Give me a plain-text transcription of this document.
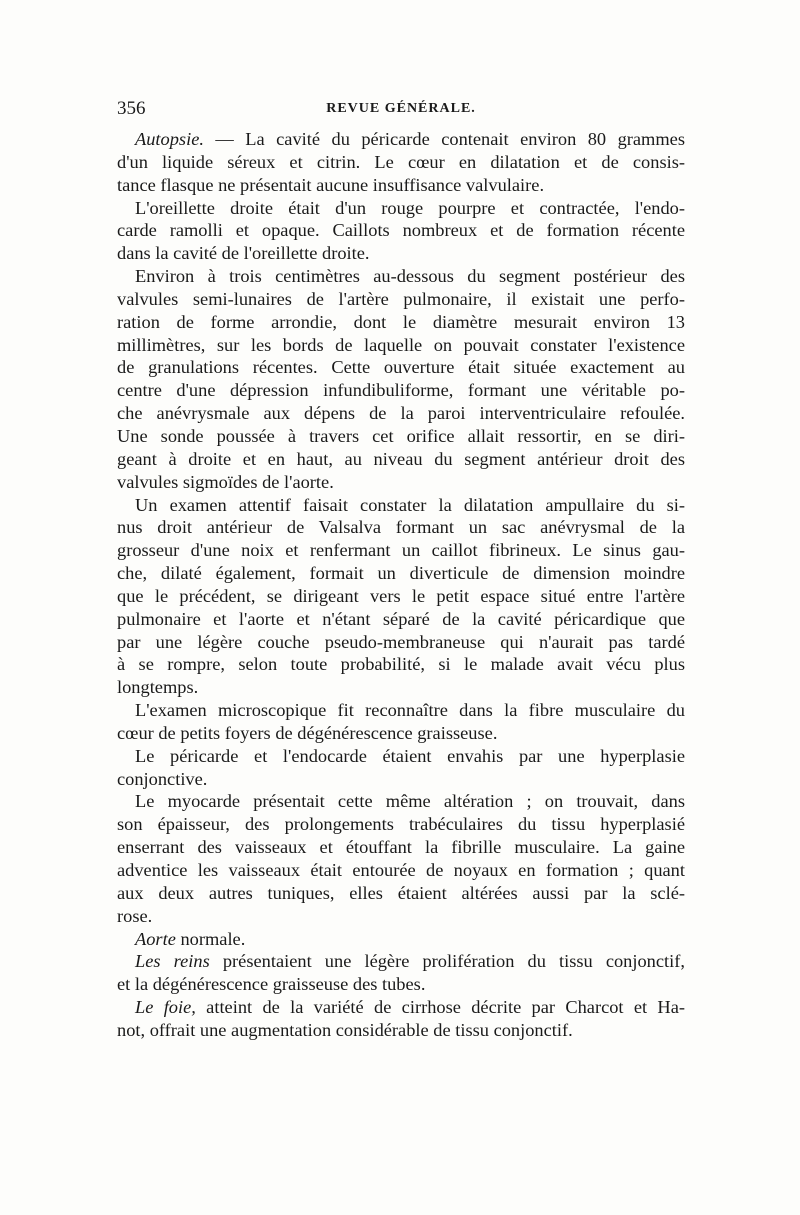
356	REVUE GÉNÉRALE.
Autopsie. — La cavité du péricarde contenait environ 80 grammes
d'un liquide séreux et citrin. Le cœur en dilatation et de consis-
tance flasque ne présentait aucune insuffisance valvulaire.
L'oreillette droite était d'un rouge pourpre et contractée, l'endo-
carde ramolli et opaque. Caillots nombreux et de formation récente
dans la cavité de l'oreillette droite.
Environ à trois centimètres au-dessous du segment postérieur des
valvules semi-lunaires de l'artère pulmonaire, il existait une perfo-
ration de forme arrondie, dont le diamètre mesurait environ 13
millimètres, sur les bords de laquelle on pouvait constater l'existence
de granulations récentes. Cette ouverture était située exactement au
centre d'une dépression infundibuliforme, formant une véritable po-
che anévrysmale aux dépens de la paroi interventriculaire refoulée.
Une sonde poussée à travers cet orifice allait ressortir, en se diri-
geant à droite et en haut, au niveau du segment antérieur droit des
valvules sigmoïdes de l'aorte.
Un examen attentif faisait constater la dilatation ampullaire du si-
nus droit antérieur de Valsalva formant un sac anévrysmal de la
grosseur d'une noix et renfermant un caillot fibrineux. Le sinus gau-
che, dilaté également, formait un diverticule de dimension moindre
que le précédent, se dirigeant vers le petit espace situé entre l'artère
pulmonaire et l'aorte et n'étant séparé de la cavité péricardique que
par une légère couche pseudo-membraneuse qui n'aurait pas tardé
à se rompre, selon toute probabilité, si le malade avait vécu plus
longtemps.
L'examen microscopique fit reconnaître dans la fibre musculaire du
cœur de petits foyers de dégénérescence graisseuse.
Le péricarde et l'endocarde étaient envahis par une hyperplasie
conjonctive.
Le myocarde présentait cette même altération ; on trouvait, dans
son épaisseur, des prolongements trabéculaires du tissu hyperplasié
enserrant des vaisseaux et étouffant la fibrille musculaire. La gaine
adventice les vaisseaux était entourée de noyaux en formation ; quant
aux deux autres tuniques, elles étaient altérées aussi par la sclé-
rose.
Aorte normale.
Les reins présentaient une légère prolifération du tissu conjonctif,
et la dégénérescence graisseuse des tubes.
Le foie, atteint de la variété de cirrhose décrite par Charcot et Ha-
not, offrait une augmentation considérable de tissu conjonctif.
